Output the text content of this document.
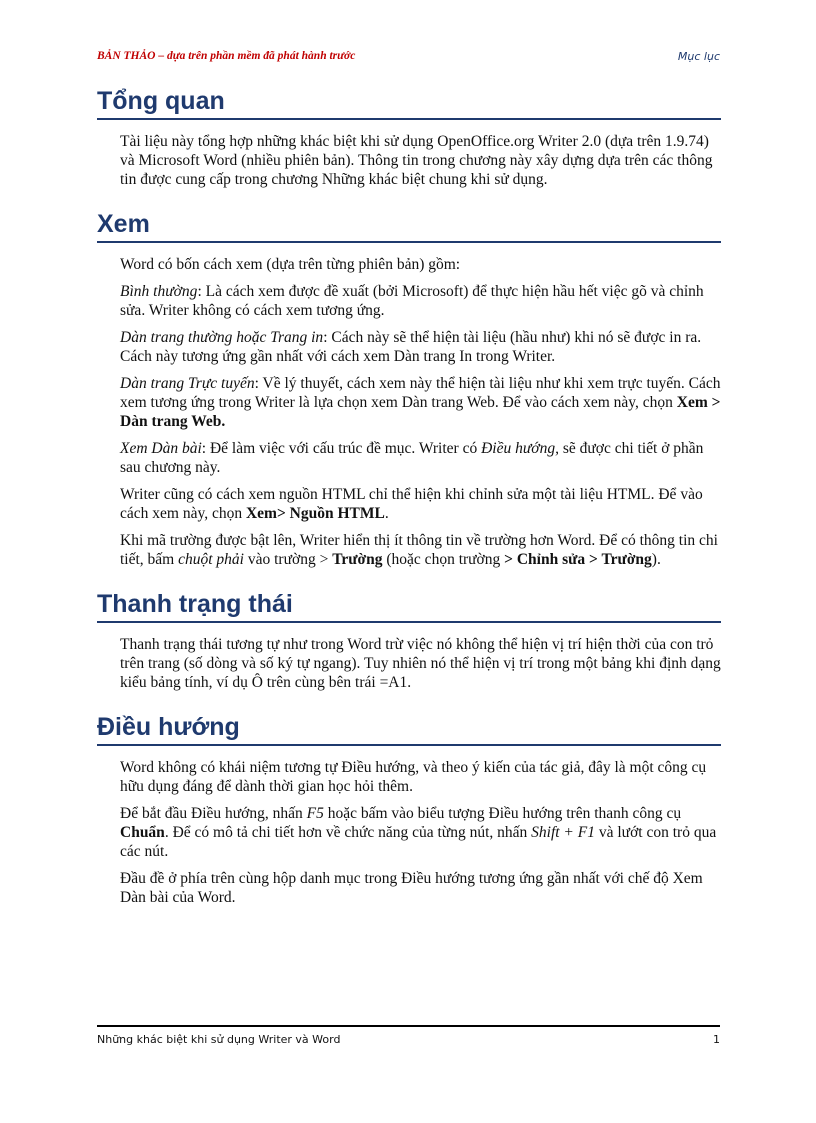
BẢN THẢO – dựa trên phần mềm đã phát hành trước	Mục lục
Tổng quan

Tài liệu này tổng hợp những khác biệt khi sử dụng OpenOffice.org Writer 2.0 (dựa trên 1.9.74) và Microsoft Word (nhiều phiên bản). Thông tin trong chương này xây dựng dựa trên các thông tin được cung cấp trong chương Những khác biệt chung khi sử dụng.

Xem

Word có bốn cách xem (dựa trên từng phiên bản) gồm:

Bình thường: Là cách xem được đề xuất (bởi Microsoft) để thực hiện hầu hết việc gõ và chỉnh sửa. Writer không có cách xem tương ứng.

Dàn trang thường hoặc Trang in: Cách này sẽ thể hiện tài liệu (hầu như) khi nó sẽ được in ra. Cách này tương ứng gần nhất với cách xem Dàn trang In trong Writer.

Dàn trang Trực tuyến: Về lý thuyết, cách xem này thể hiện tài liệu như khi xem trực tuyến. Cách xem tương ứng trong Writer là lựa chọn xem Dàn trang Web. Để vào cách xem này, chọn Xem > Dàn trang Web.

Xem Dàn bài: Để làm việc với cấu trúc đề mục. Writer có Điều hướng, sẽ được chi tiết ở phần sau chương này.

Writer cũng có cách xem nguồn HTML chỉ thể hiện khi chỉnh sửa một tài liệu HTML. Để vào cách xem này, chọn Xem> Nguồn HTML.

Khi mã trường được bật lên, Writer hiển thị ít thông tin về trường hơn Word. Để có thông tin chi tiết, bấm chuột phải vào trường > Trường (hoặc chọn trường > Chỉnh sửa > Trường).

Thanh trạng thái

Thanh trạng thái tương tự như trong Word trừ việc nó không thể hiện vị trí hiện thời của con trỏ trên trang (số dòng và số ký tự ngang). Tuy nhiên nó thể hiện vị trí trong một bảng khi định dạng kiểu bảng tính, ví dụ Ô trên cùng bên trái =A1.

Điều hướng

Word không có khái niệm tương tự Điều hướng, và theo ý kiến của tác giả, đây là một công cụ hữu dụng đáng để dành thời gian học hỏi thêm.

Để bắt đầu Điều hướng, nhấn F5 hoặc bấm vào biểu tượng Điều hướng trên thanh công cụ Chuẩn. Để có mô tả chi tiết hơn về chức năng của từng nút, nhấn Shift + F1 và lướt con trỏ qua các nút.

Đầu đề ở phía trên cùng hộp danh mục trong Điều hướng tương ứng gần nhất với chế độ Xem Dàn bài của Word.

Những khác biệt khi sử dụng Writer và Word	1
